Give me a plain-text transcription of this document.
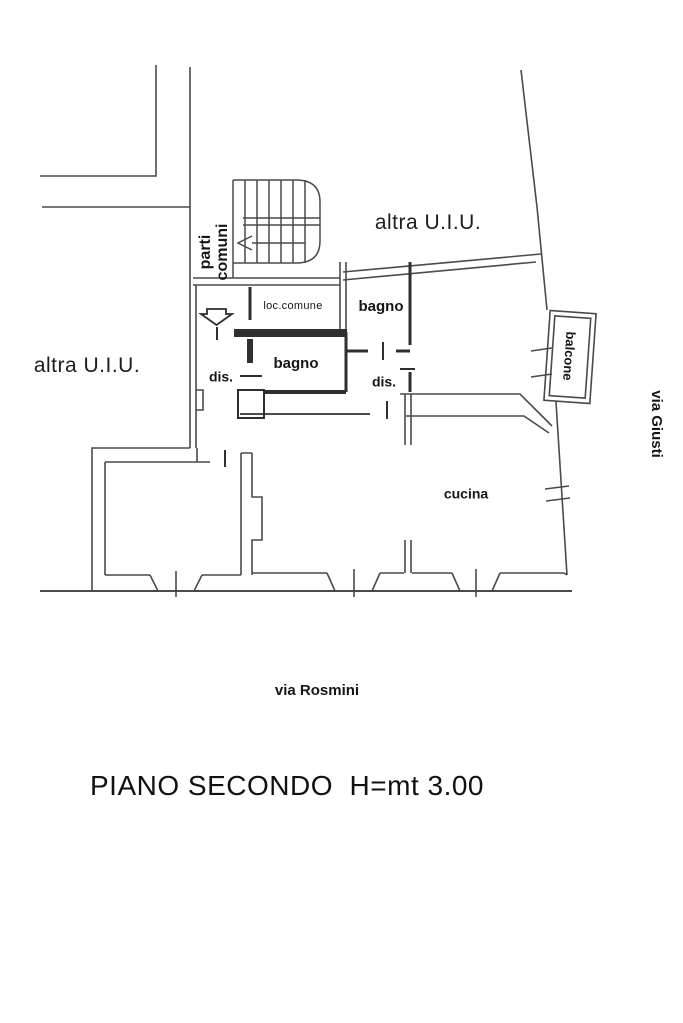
altra U.I.U.
altra U.I.U.
parti
comuni
loc.comune bagno
bagno
dis.	dis.
cucina
balcone
via Giusti
via Rosmini
PIANO SECONDO  H=mt 3.00
